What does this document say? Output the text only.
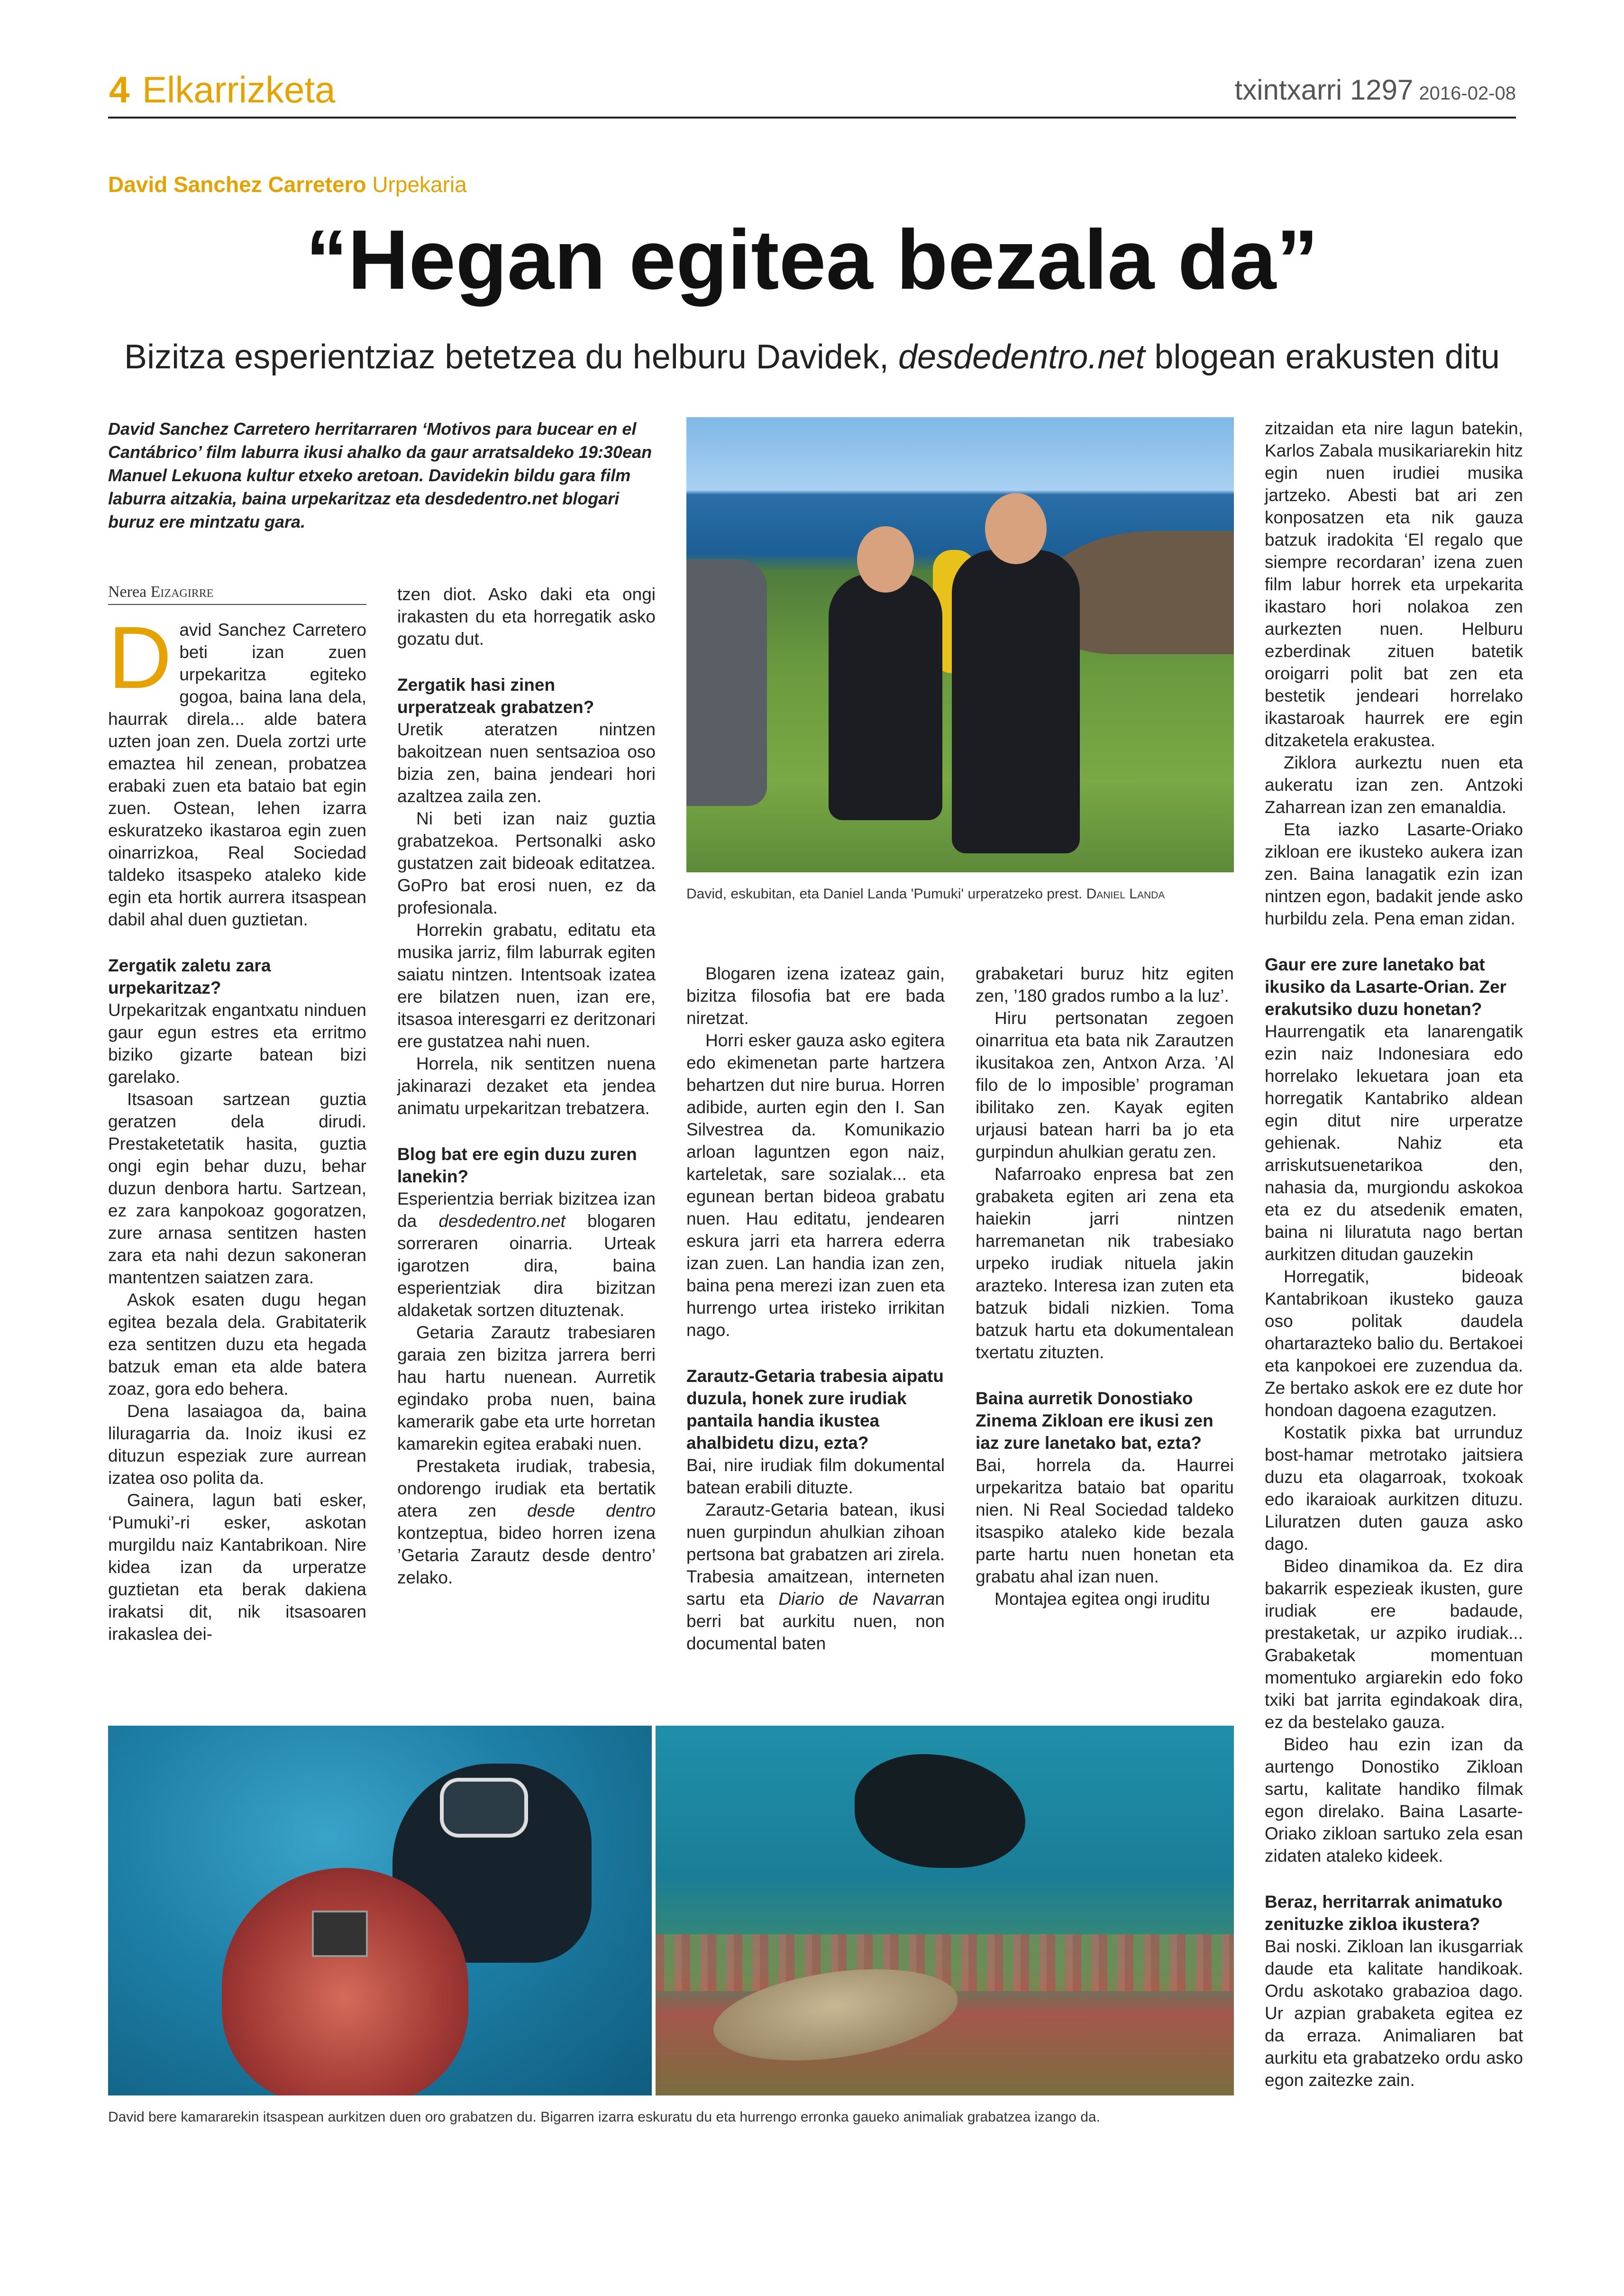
4 Elkarrizketa	txintxarri 1297 2016-02-08
David Sanchez Carretero Urpekaria
“Hegan egitea bezala da”
Bizitza esperientziaz betetzea du helburu Davidek, desdedentro.net blogean erakusten ditu
David Sanchez Carretero herritarraren ‘Motivos para bucear en el Cantábrico’ film laburra ikusi ahalko da gaur arratsaldeko 19:30ean Manuel Lekuona kultur etxeko aretoan. Davidekin bildu gara film laburra aitzakia, baina urpekaritzaz eta desdedentro.net blogari buruz ere mintzatu gara.
Nerea Eizagirre

David Sanchez Carretero beti izan zuen urpekaritza egiteko gogoa, baina lana dela, haurrak direla... alde batera uzten joan zen. Duela zortzi urte emaztea hil zenean, probatzea erabaki zuen eta bataio bat egin zuen. Ostean, lehen izarra eskuratzeko ikastaroa egin zuen oinarrizkoa, Real Sociedad taldeko itsaspeko ataleko kide egin eta hortik aurrera itsaspean dabil ahal duen guztietan.

Zergatik zaletu zara urpekaritzaz?

Urpekaritzak engantxatu ninduen gaur egun estres eta erritmo biziko gizarte batean bizi garelako.

Itsasoan sartzean guztia geratzen dela dirudi. Prestaketetatik hasita, guztia ongi egin behar duzu, behar duzun denbora hartu. Sartzean, ez zara kanpokoaz gogoratzen, zure arnasa sentitzen hasten zara eta nahi dezun sakoneran mantentzen saiatzen zara.

Askok esaten dugu hegan egitea bezala dela. Grabitaterik eza sentitzen duzu eta hegada batzuk eman eta alde batera zoaz, gora edo behera.

Dena lasaiagoa da, baina liluragarria da. Inoiz ikusi ez dituzun espeziak zure aurrean izatea oso polita da.

Gainera, lagun bati esker, ‘Pumuki’-ri esker, askotan murgildu naiz Kantabrikoan. Nire kidea izan da urperatze guztietan eta berak dakiena irakatsi dit, nik itsasoaren irakaslea dei-

tzen diot. Asko daki eta ongi irakasten du eta horregatik asko gozatu dut.

Zergatik hasi zinen urperatzeak grabatzen?

Uretik ateratzen nintzen bakoitzean nuen sentsazioa oso bizia zen, baina jendeari hori azaltzea zaila zen.

Ni beti izan naiz guztia grabatzekoa. Pertsonalki asko gustatzen zait bideoak editatzea. GoPro bat erosi nuen, ez da profesionala.

Horrekin grabatu, editatu eta musika jarriz, film laburrak egiten saiatu nintzen. Intentsoak izatea ere bilatzen nuen, izan ere, itsasoa interesgarri ez deritzonari ere gustatzea nahi nuen.

Horrela, nik sentitzen nuena jakinarazi dezaket eta jendea animatu urpekaritzan trebatzera.

Blog bat ere egin duzu zuren lanekin?

Esperientzia berriak bizitzea izan da desdedentro.net blogaren sorreraren oinarria. Urteak igarotzen dira, baina esperientziak dira bizitzan aldaketak sortzen dituztenak.

Getaria Zarautz trabesiaren garaia zen bizitza jarrera berri hau hartu nuenean. Aurretik egindako proba nuen, baina kamerarik gabe eta urte horretan kamarekin egitea erabaki nuen.

Prestaketa irudiak, trabesia, ondorengo irudiak eta bertatik atera zen desde dentro kontzeptua, bideo horren izena ’Getaria Zarautz desde dentro’ zelako.

David, eskubitan, eta Daniel Landa 'Pumuki' urperatzeko prest. Daniel Landa

Blogaren izena izateaz gain, bizitza filosofia bat ere bada niretzat.

Horri esker gauza asko egitera edo ekimenetan parte hartzera behartzen dut nire burua. Horren adibide, aurten egin den I. San Silvestrea da. Komunikazio arloan laguntzen egon naiz, karteletak, sare sozialak... eta egunean bertan bideoa grabatu nuen. Hau editatu, jendearen eskura jarri eta harrera ederra izan zuen. Lan handia izan zen, baina pena merezi izan zuen eta hurrengo urtea iristeko irrikitan nago.

Zarautz-Getaria trabesia aipatu duzula, honek zure irudiak pantaila handia ikustea ahalbidetu dizu, ezta?

Bai, nire irudiak film dokumental batean erabili dituzte.

Zarautz-Getaria batean, ikusi nuen gurpindun ahulkian zihoan pertsona bat grabatzen ari zirela. Trabesia amaitzean, interneten sartu eta Diario de Navarran berri bat aurkitu nuen, non documental baten

grabaketari buruz hitz egiten zen, ’180 grados rumbo a la luz’.

Hiru pertsonatan zegoen oinarritua eta bata nik Zarautzen ikusitakoa zen, Antxon Arza. ’Al filo de lo imposible’ programan ibilitako zen. Kayak egiten urjausi batean harri ba jo eta gurpindun ahulkian geratu zen.

Nafarroako enpresa bat zen grabaketa egiten ari zena eta haiekin jarri nintzen harremanetan nik trabesiako urpeko irudiak nituela jakin arazteko. Interesa izan zuten eta batzuk bidali nizkien. Toma batzuk hartu eta dokumentalean txertatu zituzten.

Baina aurretik Donostiako Zinema Zikloan ere ikusi zen iaz zure lanetako bat, ezta?

Bai, horrela da. Haurrei urpekaritza bataio bat oparitu nien. Ni Real Sociedad taldeko itsaspiko ataleko kide bezala parte hartu nuen honetan eta grabatu ahal izan nuen.

Montajea egitea ongi iruditu

zitzaidan eta nire lagun batekin, Karlos Zabala musikariarekin hitz egin nuen irudiei musika jartzeko. Abesti bat ari zen konposatzen eta nik gauza batzuk iradokita ‘El regalo que siempre recordaran’ izena zuen film labur horrek eta urpekarita ikastaro hori nolakoa zen aurkezten nuen. Helburu ezberdinak zituen batetik oroigarri polit bat zen eta bestetik jendeari horrelako ikastaroak haurrek ere egin ditzaketela erakustea.

Ziklora aurkeztu nuen eta aukeratu izan zen. Antzoki Zaharrean izan zen emanaldia.

Eta iazko Lasarte-Oriako zikloan ere ikusteko aukera izan zen. Baina lanagatik ezin izan nintzen egon, badakit jende asko hurbildu zela. Pena eman zidan.

Gaur ere zure lanetako bat ikusiko da Lasarte-Orian. Zer erakutsiko duzu honetan?

Haurrengatik eta lanarengatik ezin naiz Indonesiara edo horrelako lekuetara joan eta horregatik Kantabriko aldean egin ditut nire urperatze gehienak. Nahiz eta arriskutsuenetarikoa den, nahasia da, murgiondu askokoa eta ez du atsedenik ematen, baina ni liluratuta nago bertan aurkitzen ditudan gauzekin

Horregatik, bideoak Kantabrikoan ikusteko gauza oso politak daudela ohartarazteko balio du. Bertakoei eta kanpokoei ere zuzendua da. Ze bertako askok ere ez dute hor hondoan dagoena ezagutzen.

Kostatik pixka bat urrunduz bost-hamar metrotako jaitsiera duzu eta olagarroak, txokoak edo ikaraioak aurkitzen dituzu. Liluratzen duten gauza asko dago.

Bideo dinamikoa da. Ez dira bakarrik espezieak ikusten, gure irudiak ere badaude, prestaketak, ur azpiko irudiak... Grabaketak momentuan momentuko argiarekin edo foko txiki bat jarrita egindakoak dira, ez da bestelako gauza.

Bideo hau ezin izan da aurtengo Donostiko Zikloan sartu, kalitate handiko filmak egon direlako. Baina Lasarte-Oriako zikloan sartuko zela esan zidaten ataleko kideek.

Beraz, herritarrak animatuko zenituzke zikloa ikustera?

Bai noski. Zikloan lan ikusgarriak daude eta kalitate handikoak. Ordu askotako grabazioa dago. Ur azpian grabaketa egitea ez da erraza. Animaliaren bat aurkitu eta grabatzeko ordu asko egon zaitezke zain.

David bere kamararekin itsaspean aurkitzen duen oro grabatzen du. Bigarren izarra eskuratu du eta hurrengo erronka gaueko animaliak grabatzea izango da.
